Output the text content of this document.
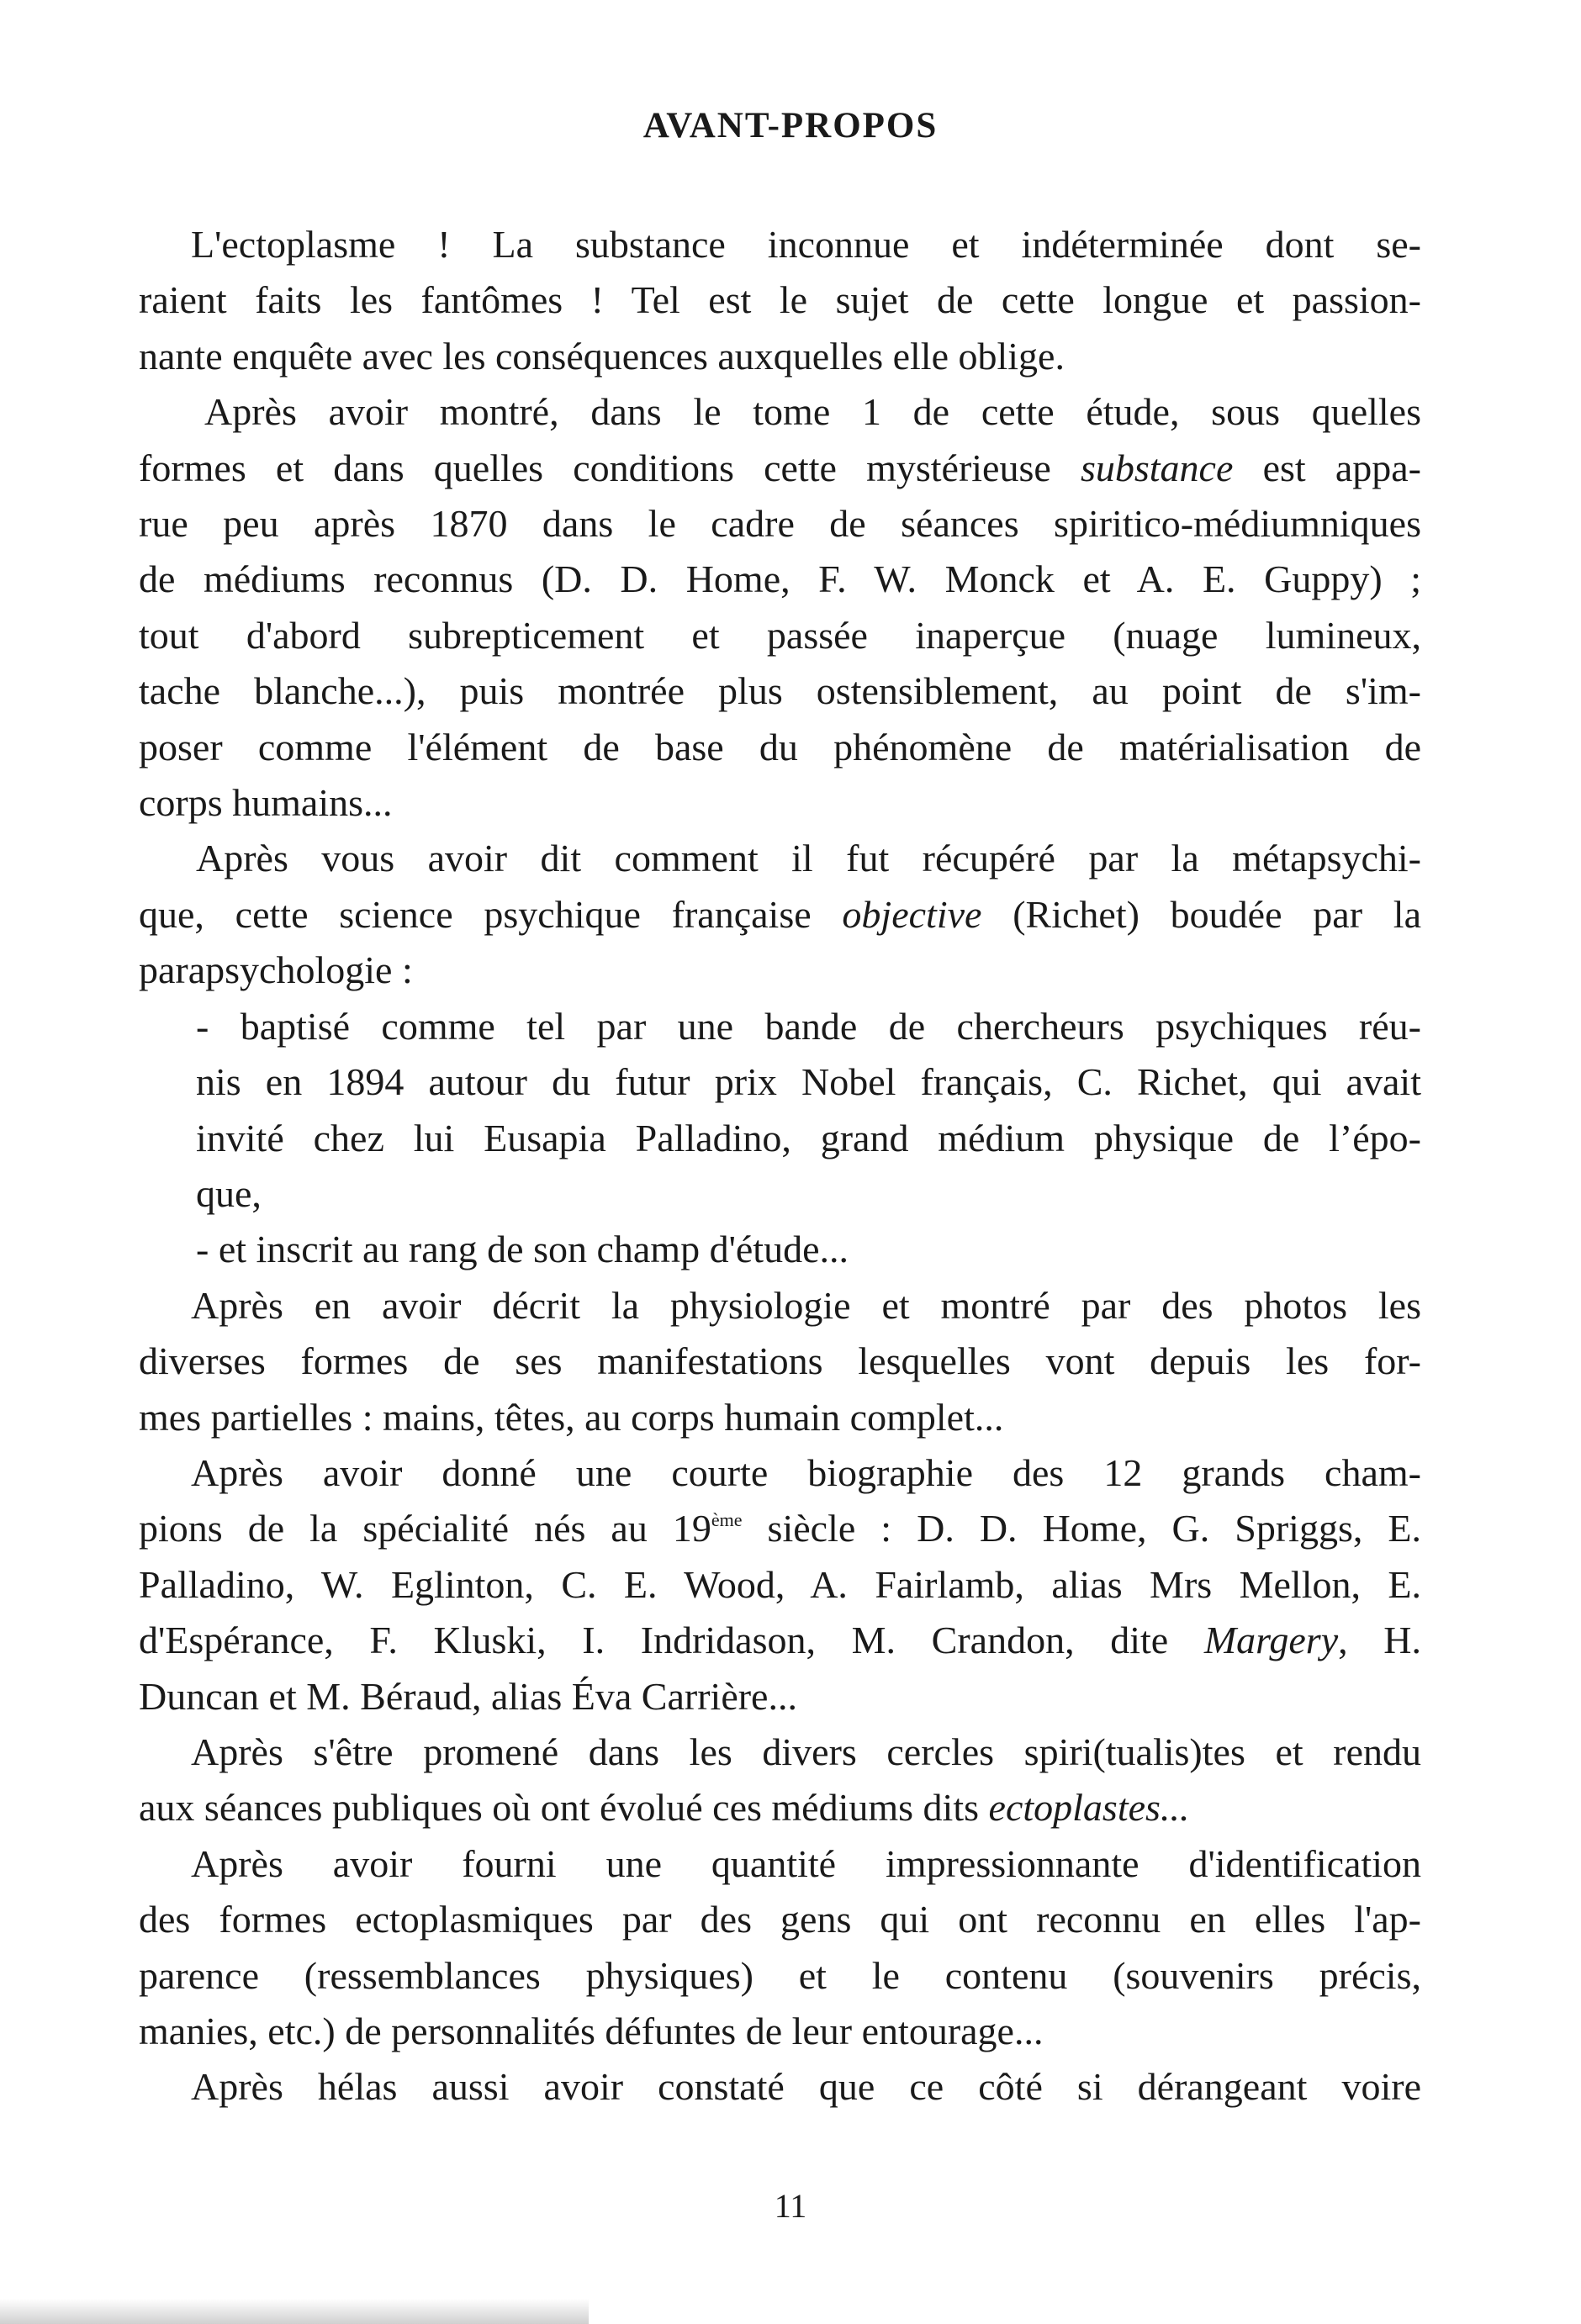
AVANT-PROPOS
L'ectoplasme ! La substance inconnue et indéterminée dont se-
raient faits les fantômes ! Tel est le sujet de cette longue et passion-
nante enquête avec les conséquences auxquelles elle oblige.
Après avoir montré, dans le tome 1 de cette étude, sous quelles
formes et dans quelles conditions cette mystérieuse substance est appa-
rue peu après 1870 dans le cadre de séances spiritico-médiumniques
de médiums reconnus (D. D. Home, F. W. Monck et A. E. Guppy) ;
tout d'abord subrepticement et passée inaperçue (nuage lumineux,
tache blanche...), puis montrée plus ostensiblement, au point de s'im-
poser comme l'élément de base du phénomène de matérialisation de
corps humains...
Après vous avoir dit comment il fut récupéré par la métapsychi-
que, cette science psychique française objective (Richet) boudée par la
parapsychologie :
- baptisé comme tel par une bande de chercheurs psychiques réu-
nis en 1894 autour du futur prix Nobel français, C. Richet, qui avait
invité chez lui Eusapia Palladino, grand médium physique de l’épo-
que,
- et inscrit au rang de son champ d'étude...
Après en avoir décrit la physiologie et montré par des photos les
diverses formes de ses manifestations lesquelles vont depuis les for-
mes partielles : mains, têtes, au corps humain complet...
Après avoir donné une courte biographie des 12 grands cham-
pions de la spécialité nés au 19ème siècle : D. D. Home, G. Spriggs, E.
Palladino, W. Eglinton, C. E. Wood, A. Fairlamb, alias Mrs Mellon, E.
d'Espérance, F. Kluski, I. Indridason, M. Crandon, dite Margery, H.
Duncan et M. Béraud, alias Éva Carrière...
Après s'être promené dans les divers cercles spiri(tualis)tes et rendu
aux séances publiques où ont évolué ces médiums dits ectoplastes...
Après avoir fourni une quantité impressionnante d'identification
des formes ectoplasmiques par des gens qui ont reconnu en elles l'ap-
parence (ressemblances physiques) et le contenu (souvenirs précis,
manies, etc.) de personnalités défuntes de leur entourage...
Après hélas aussi avoir constaté que ce côté si dérangeant voire
11
